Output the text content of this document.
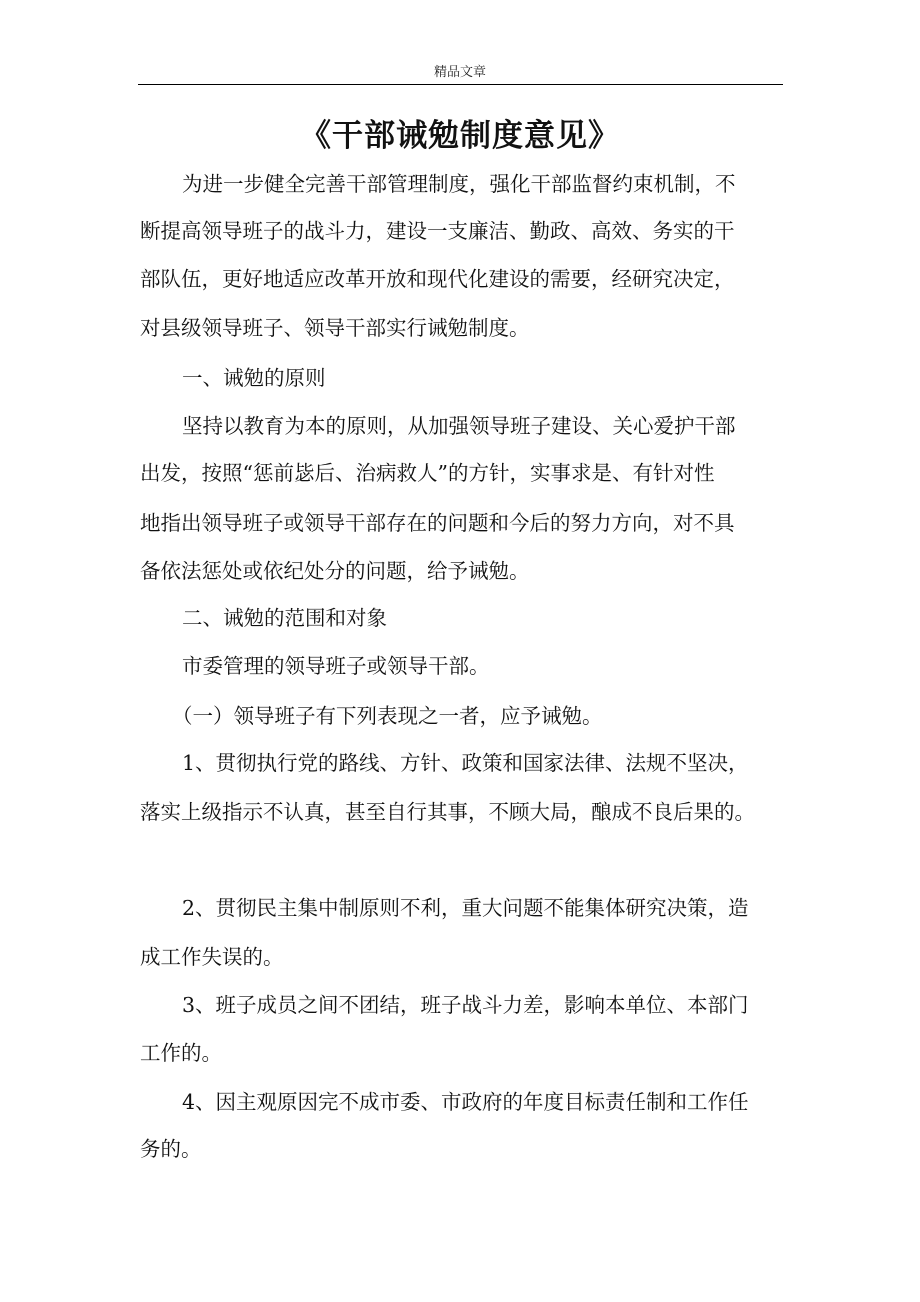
精品文章
《干部诫勉制度意见》
为进一步健全完善干部管理制度，强化干部监督约束机制，不
断提高领导班子的战斗力，建设一支廉洁、勤政、高效、务实的干
部队伍，更好地适应改革开放和现代化建设的需要，经研究决定，
对县级领导班子、领导干部实行诫勉制度。
一、诫勉的原则
坚持以教育为本的原则，从加强领导班子建设、关心爱护干部
出发，按照“惩前毖后、治病救人”的方针，实事求是、有针对性
地指出领导班子或领导干部存在的问题和今后的努力方向，对不具
备依法惩处或依纪处分的问题，给予诫勉。
二、诫勉的范围和对象
市委管理的领导班子或领导干部。
（一）领导班子有下列表现之一者，应予诫勉。
1、贯彻执行党的路线、方针、政策和国家法律、法规不坚决，
落实上级指示不认真，甚至自行其事，不顾大局，酿成不良后果的。
2、贯彻民主集中制原则不利，重大问题不能集体研究决策，造
成工作失误的。
3、班子成员之间不团结，班子战斗力差，影响本单位、本部门
工作的。
4、因主观原因完不成市委、市政府的年度目标责任制和工作任
务的。
